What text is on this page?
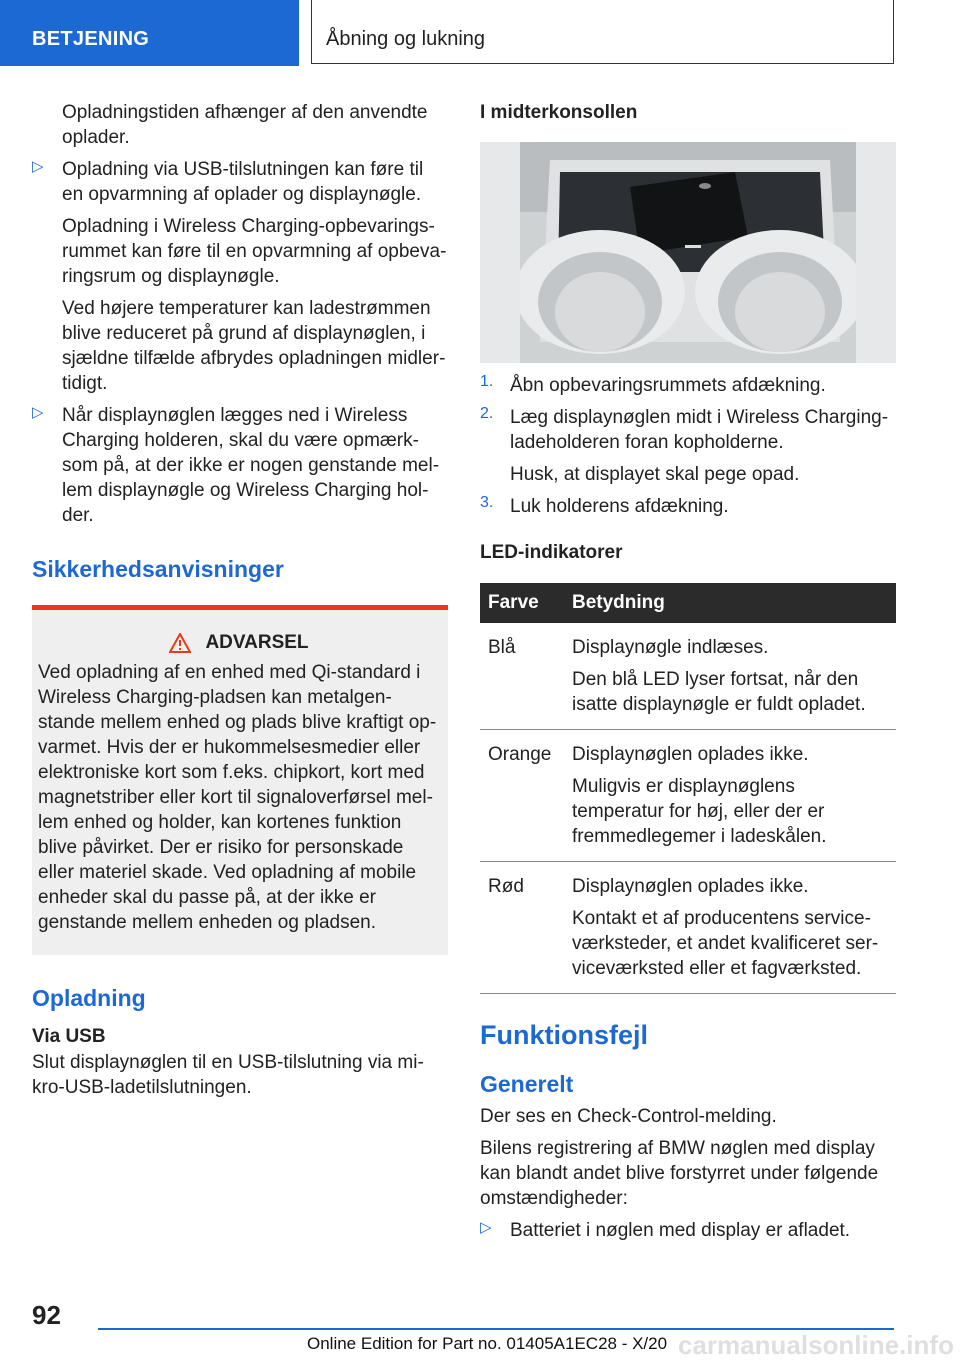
BETJENING	Åbning og lukning

Opladningstiden afhænger af den anvendte oplader.

▷ Opladning via USB-tilslutningen kan føre til en opvarmning af oplader og displaynøgle.

Opladning i Wireless Charging-opbevaringsrummet kan føre til en opvarmning af opbevaringsrum og displaynøgle.

Ved højere temperaturer kan ladestrømmen blive reduceret på grund af displaynøglen, i sjældne tilfælde afbrydes opladningen midlertidigt.

▷ Når displaynøglen lægges ned i Wireless Charging holderen, skal du være opmærksom på, at der ikke er nogen genstande mellem displaynøgle og Wireless Charging holder.

Sikkerhedsanvisninger
ADVARSEL

Ved opladning af en enhed med Qi-standard i Wireless Charging-pladsen kan metalgenstande mellem enhed og plads blive kraftigt opvarmet. Hvis der er hukommelsesmedier eller elektroniske kort som f.eks. chipkort, kort med magnetstriber eller kort til signaloverførsel mellem enhed og holder, kan kortenes funktion blive påvirket. Der er risiko for personskade eller materiel skade. Ved opladning af mobile enheder skal du passe på, at der ikke er genstande mellem enheden og pladsen.

Opladning
Via USB

Slut displaynøglen til en USB-tilslutning via mikro-USB-ladetilslutningen.

I midterkonsollen
1. Åbn opbevaringsrummets afdækning.

2. Læg displaynøglen midt i Wireless Charging-ladeholderen foran kopholderne.

Husk, at displayet skal pege opad.

3. Luk holderens afdækning.

LED-indikatorer
Farve	Betydning
Blå	Displaynøgle indlæses.

Den blå LED lyser fortsat, når den isatte displaynøgle er fuldt opladet.

Orange	Displaynøglen oplades ikke.

Muligvis er displaynøglens temperatur for høj, eller der er fremmedlegemer i ladeskålen.

Rød	Displaynøglen oplades ikke.

Kontakt et af producentens serviceværksteder, et andet kvalificeret serviceværksted eller et fagværksted.

Funktionsfejl
Generelt

Der ses en Check-Control-melding.

Bilens registrering af BMW nøglen med display kan blandt andet blive forstyrret under følgende omstændigheder:

▷ Batteriet i nøglen med display er afladet.

92
Online Edition for Part no. 01405A1EC28 - X/20 carmanualsonline.info
